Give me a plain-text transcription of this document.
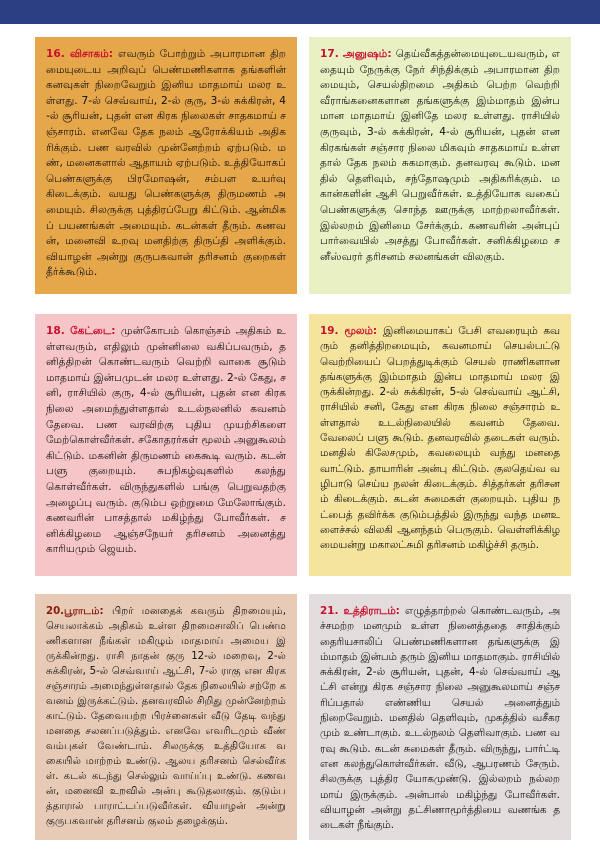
16. விசாகம்: எவரும் போற்றும் அபாரமான திறமையுடைய அறிவுப் பெண்மணிகளாக தங்களின் கனவுகள் நிறைவேறும் இனிய மாதமாய் மலர உள்ளது. 7-ல் செவ்வாய், 2-ல் குரு, 3-ல் சுக்கிரன், 4-ல் சூரியன், புதன் என கிரக நிலைகள் சாதகமாய் சஞ்சாரம். எனவே தேக நலம் ஆரோக்கியம் அதிகரிக்கும். பண வரவில் முன்னேற்றம் ஏற்படும். மண், மனைகளால் ஆதாயம் ஏற்படும். உத்தியோகப் பெண்களுக்கு பிரமோஷன், சம்பள உயர்வு கிடைக்கும். வயது பெண்களுக்கு திருமணம் அமையும். சிலருக்கு புத்திரப்பேறு கிட்டும். ஆன்மிகப் பயணங்கள் அமையும். கடன்கள் தீரும். கணவன், மனைவி உறவு மனதிற்கு திருப்தி அளிக்கும். வியாழன் அன்று குருபகவான் தரிசனம் குறைகள் தீர்க்கூடும்.
17. அனுஷம்: தெய்வீகத்தன்மையுடையவரும், எதையும் நேருக்கு நேர் சிந்திக்கும் அபாரமான திறமையும், செயல்திறமை அதிகம் பெற்ற வெற்றி வீராங்கனைகளான தங்களுக்கு இம்மாதம் இன்பமான மாதமாய் இனிதே மலர உள்ளது. ராசியில் குருவும், 3-ல் சுக்கிரன், 4-ல் சூரியன், புதன் என கிரகங்கள் சஞ்சார நிலை மிகவும் சாதகமாய் உள்ளதால் தேக நலம் சுகமாகும். தனவரவு கூடும். மனதில் தெளிவும், சந்தோஷமும் அதிகரிக்கும். மகான்களின் ஆசி பெறுவீர்கள். உத்தியோக வகைப் பெண்களுக்கு சொந்த ஊருக்கு மாற்றலாவீர்கள். இல்லறம் இனிமை சேர்க்கும். கணவரின் அன்புப் பார்வையில் அசத்து போவீர்கள். சனிக்கிழமை சனீஸ்வரர் தரிசனம் சலனங்கள் விலகும்.
18. கேட்டை: முன்கோபம் கொஞ்சம் அதிகம் உள்ளவரும், எதிலும் முன்னிலை வகிப்பவரும், தனித்திறன் கொண்டவரும் வெற்றி வாகை சூடும் மாதமாய் இன்பமுடன் மலர உள்ளது. 2-ல் கேது, சனி, ராசியில் குரு, 4-ல் சூரியன், புதன் என கிரக நிலை அமைந்துள்ளதால் உடல்நலனில் கவனம் தேவை. பண வரவிற்கு புதிய முயற்சிகளை மேற்கொள்வீர்கள். சகோதரர்கள் மூலம் அனுகூலம் கிட்டும். மகனின் திருமணம் கைகூடி வரும். கடன் பளு குறையும். சுபநிகழ்வுகளில் கலந்து கொள்வீர்கள். விருந்துகளில் பங்கு பெறுவதற்கு அழைப்பு வரும். குடும்ப ஒற்றுமை மேலோங்கும். கணவரின் பாசத்தால் மகிழ்ந்து போவீர்கள். சனிக்கிழமை ஆஞ்சநேயர் தரிசனம் அனைத்து காரியமும் ஜெயம்.
19. மூலம்: இனிமையாகப் பேசி எவரையும் கவரும் தனித்திறமையும், கவனமாய் செயல்பட்டு வெற்றியைப் பெறத்துடிக்கும் செயல் ராணிகளான தங்களுக்கு இம்மாதம் இன்ப மாதமாய் மலர இருக்கின்றது. 2-ல் சுக்கிரன், 5-ல் செவ்வாய் ஆட்சி, ராசியில் சனி, கேது என கிரக நிலை சஞ்சாரம் உள்ளதால் உடல்நிலையில் கவனம் தேவை. வேலைப் பளு கூடும். தனவரவில் தடைகள் வரும். மனதில் கிலேசமும், கவலையும் வந்து மனதை வாட்டும். தாயாரின் அன்பு கிட்டும். குலதெய்வ வழிபாடு செய்ய நலன் கிடைக்கும். சித்தர்கள் தரிசனம் கிடைக்கும். கடன் சுமைகள் குறையும். புதிய நட்பைத் தவிர்க்க குடும்பத்தில் இருந்து வந்த மனஉளைச்சல் விலகி ஆனந்தம் பெருகும். வெள்ளிக்கிழமையன்று மகாலட்சுமி தரிசனம் மகிழ்ச்சி தரும்.
20.பூராடம்: பிறர் மனதைக் கவரும் திறமையும், செயலாக்கம் அதிகம் உள்ள திறமைசாலிப் பெண்மணிகளான நீங்கள் மகிழும் மாதமாய் அமைய இருக்கின்றது. ராசி நாதன் குரு 12-ல் மறைவு, 2-ல் சுக்கிரன், 5-ல் செவ்வாய் ஆட்சி, 7-ல் ராகு என கிரக சஞ்சாரம் அமைந்துள்ளதால் தேக நிலையில் சற்றே கவனம் இருக்கட்டும். தனவரவில் சிறிது முன்னேற்றம் காட்டும். தேவையற்ற பிரச்னைகள் வீடு தேடி வந்து மனதை சலனப்படுத்தும். எனவே எவரிடமும் வீண் வம்புகள் வேண்டாம். சிலருக்கு உத்தியோக வகையில் மாற்றம் உண்டு. ஆலய தரிசனம் செல்வீர்கள். கடல் கடந்து செல்லும் வாய்ப்பு உண்டு. கணவன், மனைவி உறவில் அன்பு கூடுதலாகும். குடும்பத்தாரால் பாராட்டப்படுவீர்கள். வியாழன் அன்று குருபகவான் தரிசனம் குலம் தழைக்கும்.
21. உத்திராடம்: எழுத்தாற்றல் கொண்டவரும், அச்சமற்ற மனமும் உள்ள நினைத்ததை சாதிக்கும் தைரியசாலிப் பெண்மணிகளான தங்களுக்கு இம்மாதம் இன்பம் தரும் இனிய மாதமாகும். ராசியில் சுக்கிரன், 2-ல் சூரியன், புதன், 4-ல் செவ்வாய் ஆட்சி என்று கிரக சஞ்சார நிலை அனுகூலமாய் சஞ்சரிப்பதால் எண்ணிய செயல் அனைத்தும் நிறைவேறும். மனதில் தெளிவும், முகத்தில் வசீகரமும் உண்டாகும். உடல்நலம் தெளிவாகும். பண வரவு கூடும். கடன் சுமைகள் தீரும். விருந்து, பார்ட்டி என கலந்துகொள்வீர்கள். வீடு, ஆபரணம் சேரும். சிலருக்கு புத்திர யோகமுண்டு. இல்லறம் நல்லறமாய் இருக்கும். அன்பால் மகிழ்ந்து போவீர்கள். வியாழன் அன்று தட்சிணாமூர்த்தியை வணங்க தடைகள் நீங்கும்.
